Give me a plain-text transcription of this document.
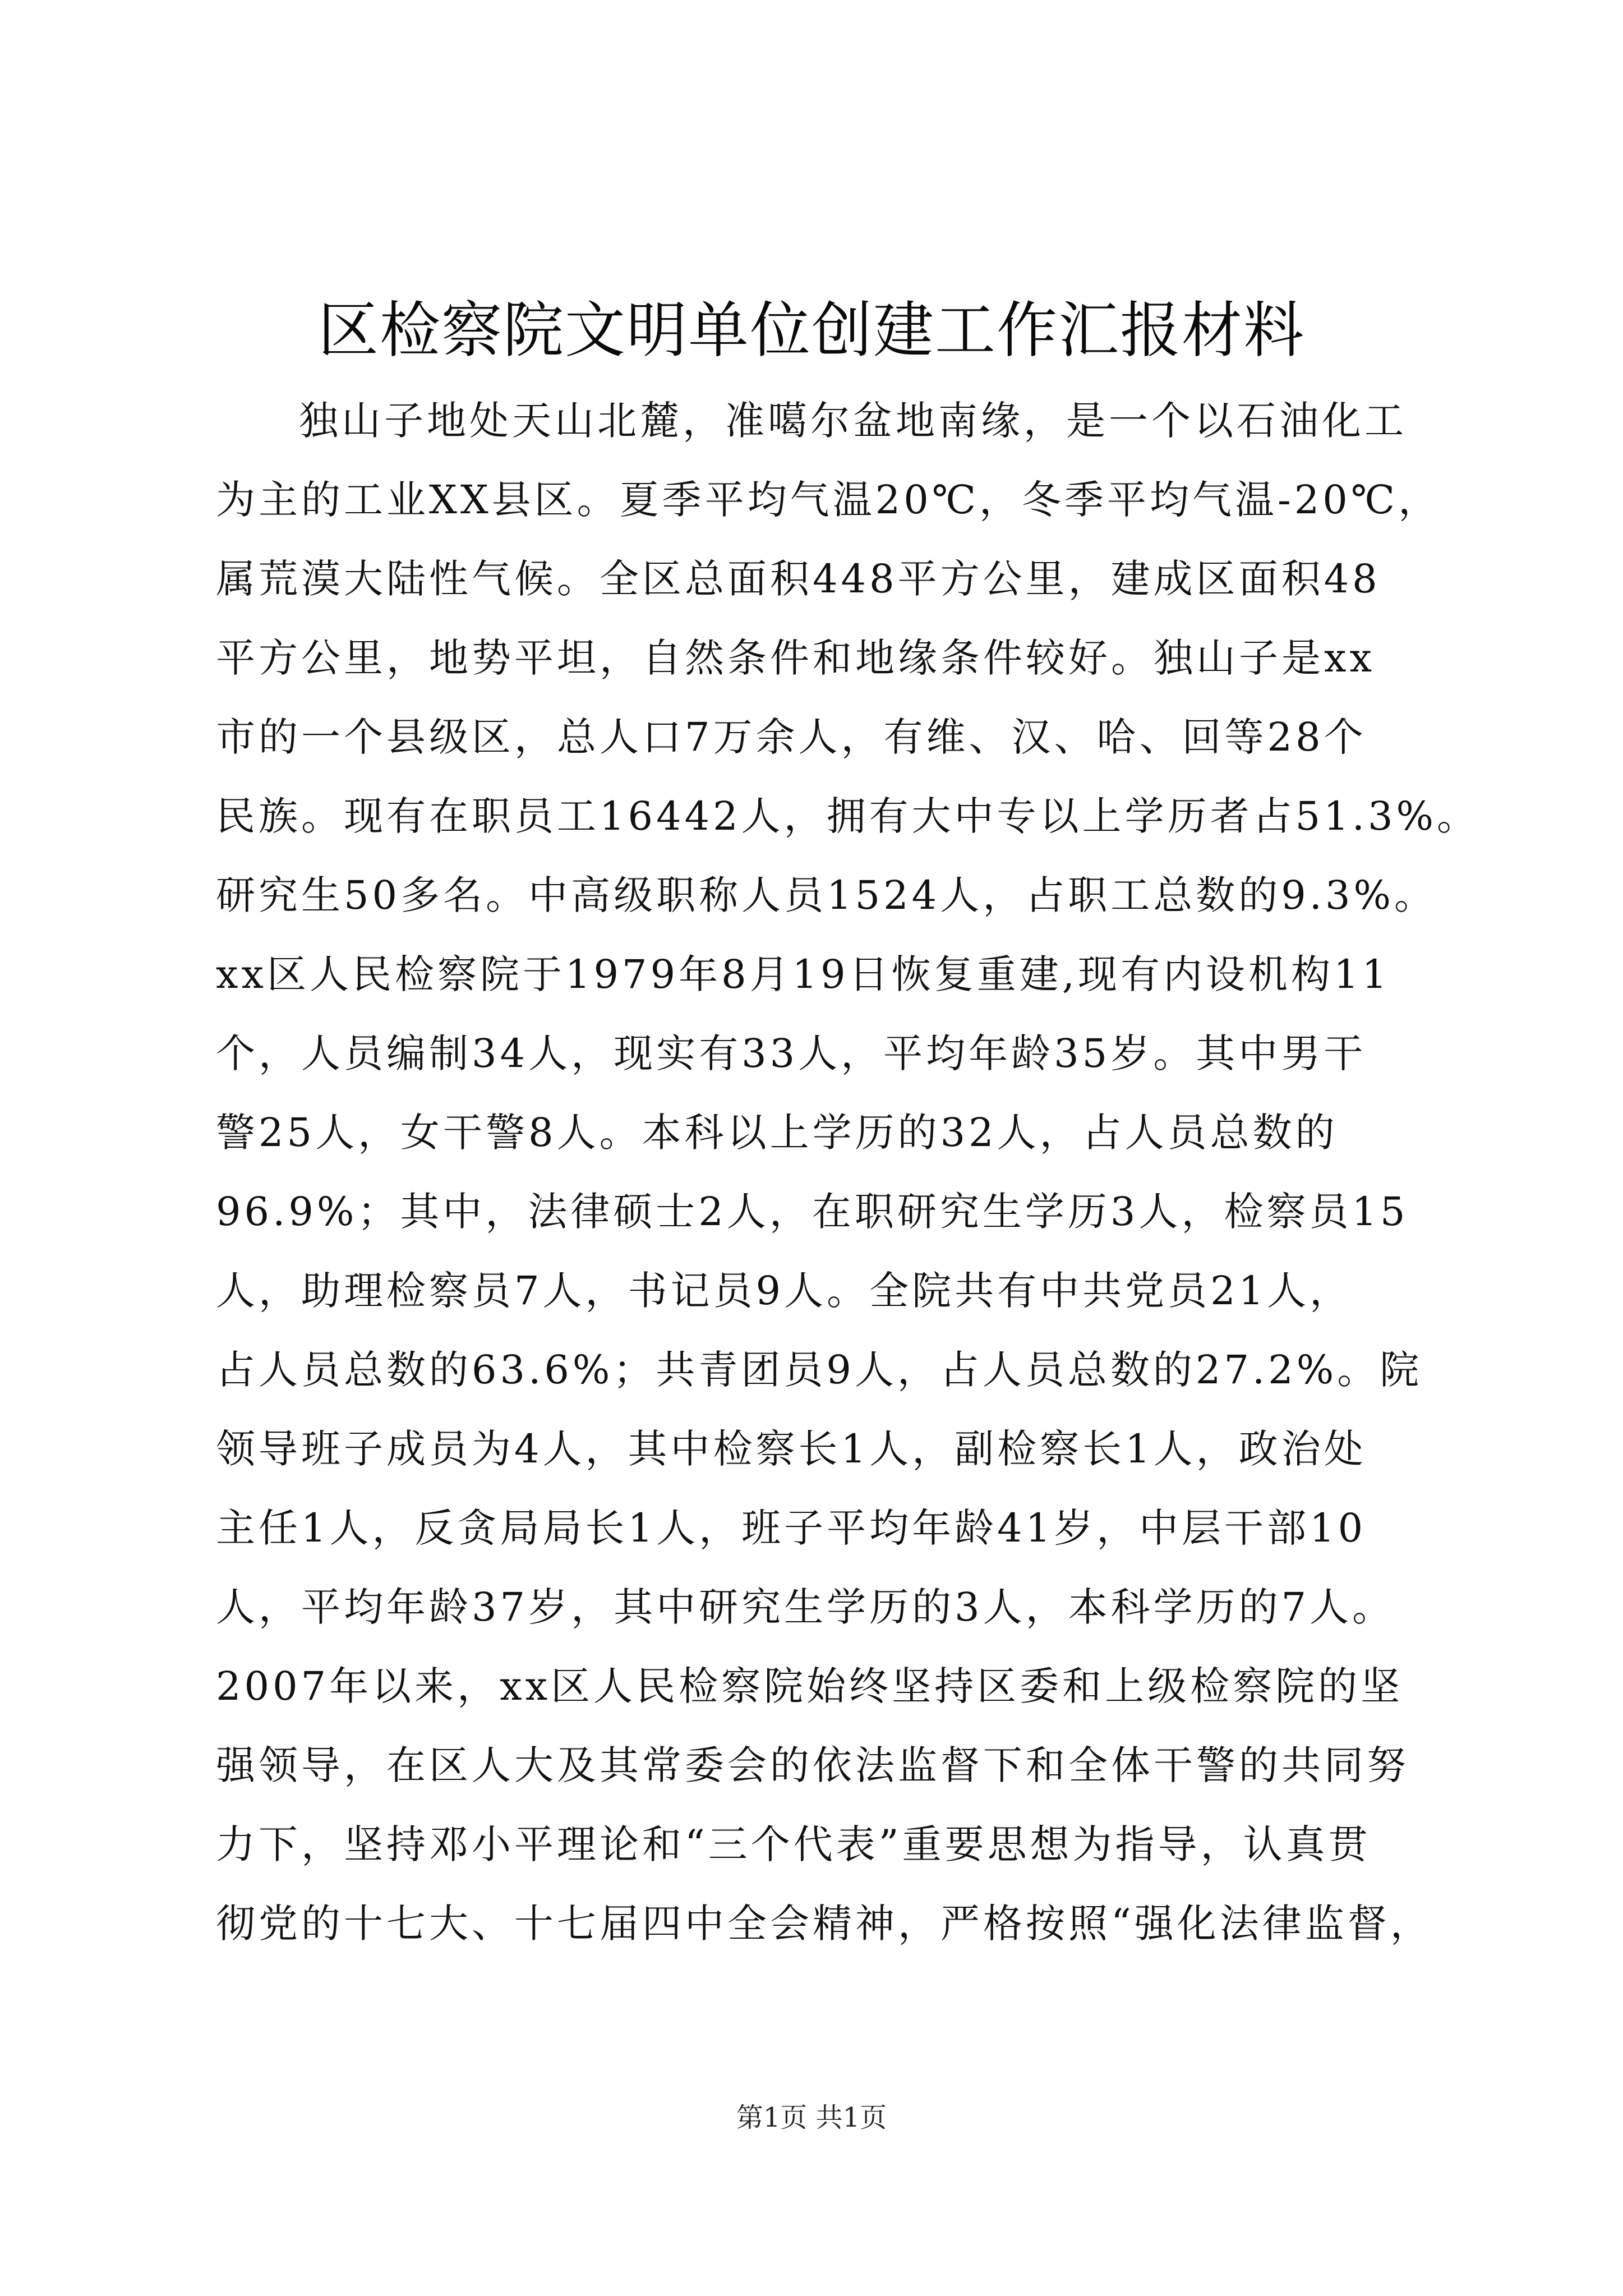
区检察院文明单位创建工作汇报材料
独山子地处天山北麓，准噶尔盆地南缘，是一个以石油化工
为主的工业XX县区。夏季平均气温20℃，冬季平均气温-20℃，
属荒漠大陆性气候。全区总面积448平方公里，建成区面积48
平方公里，地势平坦，自然条件和地缘条件较好。独山子是xx
市的一个县级区，总人口7万余人，有维、汉、哈、回等28个
民族。现有在职员工16442人，拥有大中专以上学历者占51.3%。
研究生50多名。中高级职称人员1524人，占职工总数的9.3%。
xx区人民检察院于1979年8月19日恢复重建,现有内设机构11
个，人员编制34人，现实有33人，平均年龄35岁。其中男干
警25人，女干警8人。本科以上学历的32人，占人员总数的
96.9%；其中，法律硕士2人，在职研究生学历3人，检察员15
人，助理检察员7人，书记员9人。全院共有中共党员21人，
占人员总数的63.6%；共青团员9人，占人员总数的27.2%。院
领导班子成员为4人，其中检察长1人，副检察长1人，政治处
主任1人，反贪局局长1人，班子平均年龄41岁，中层干部10
人，平均年龄37岁，其中研究生学历的3人，本科学历的7人。
2007年以来，xx区人民检察院始终坚持区委和上级检察院的坚
强领导，在区人大及其常委会的依法监督下和全体干警的共同努
力下，坚持邓小平理论和“三个代表”重要思想为指导，认真贯
彻党的十七大、十七届四中全会精神，严格按照“强化法律监督，
第1页 共1页
